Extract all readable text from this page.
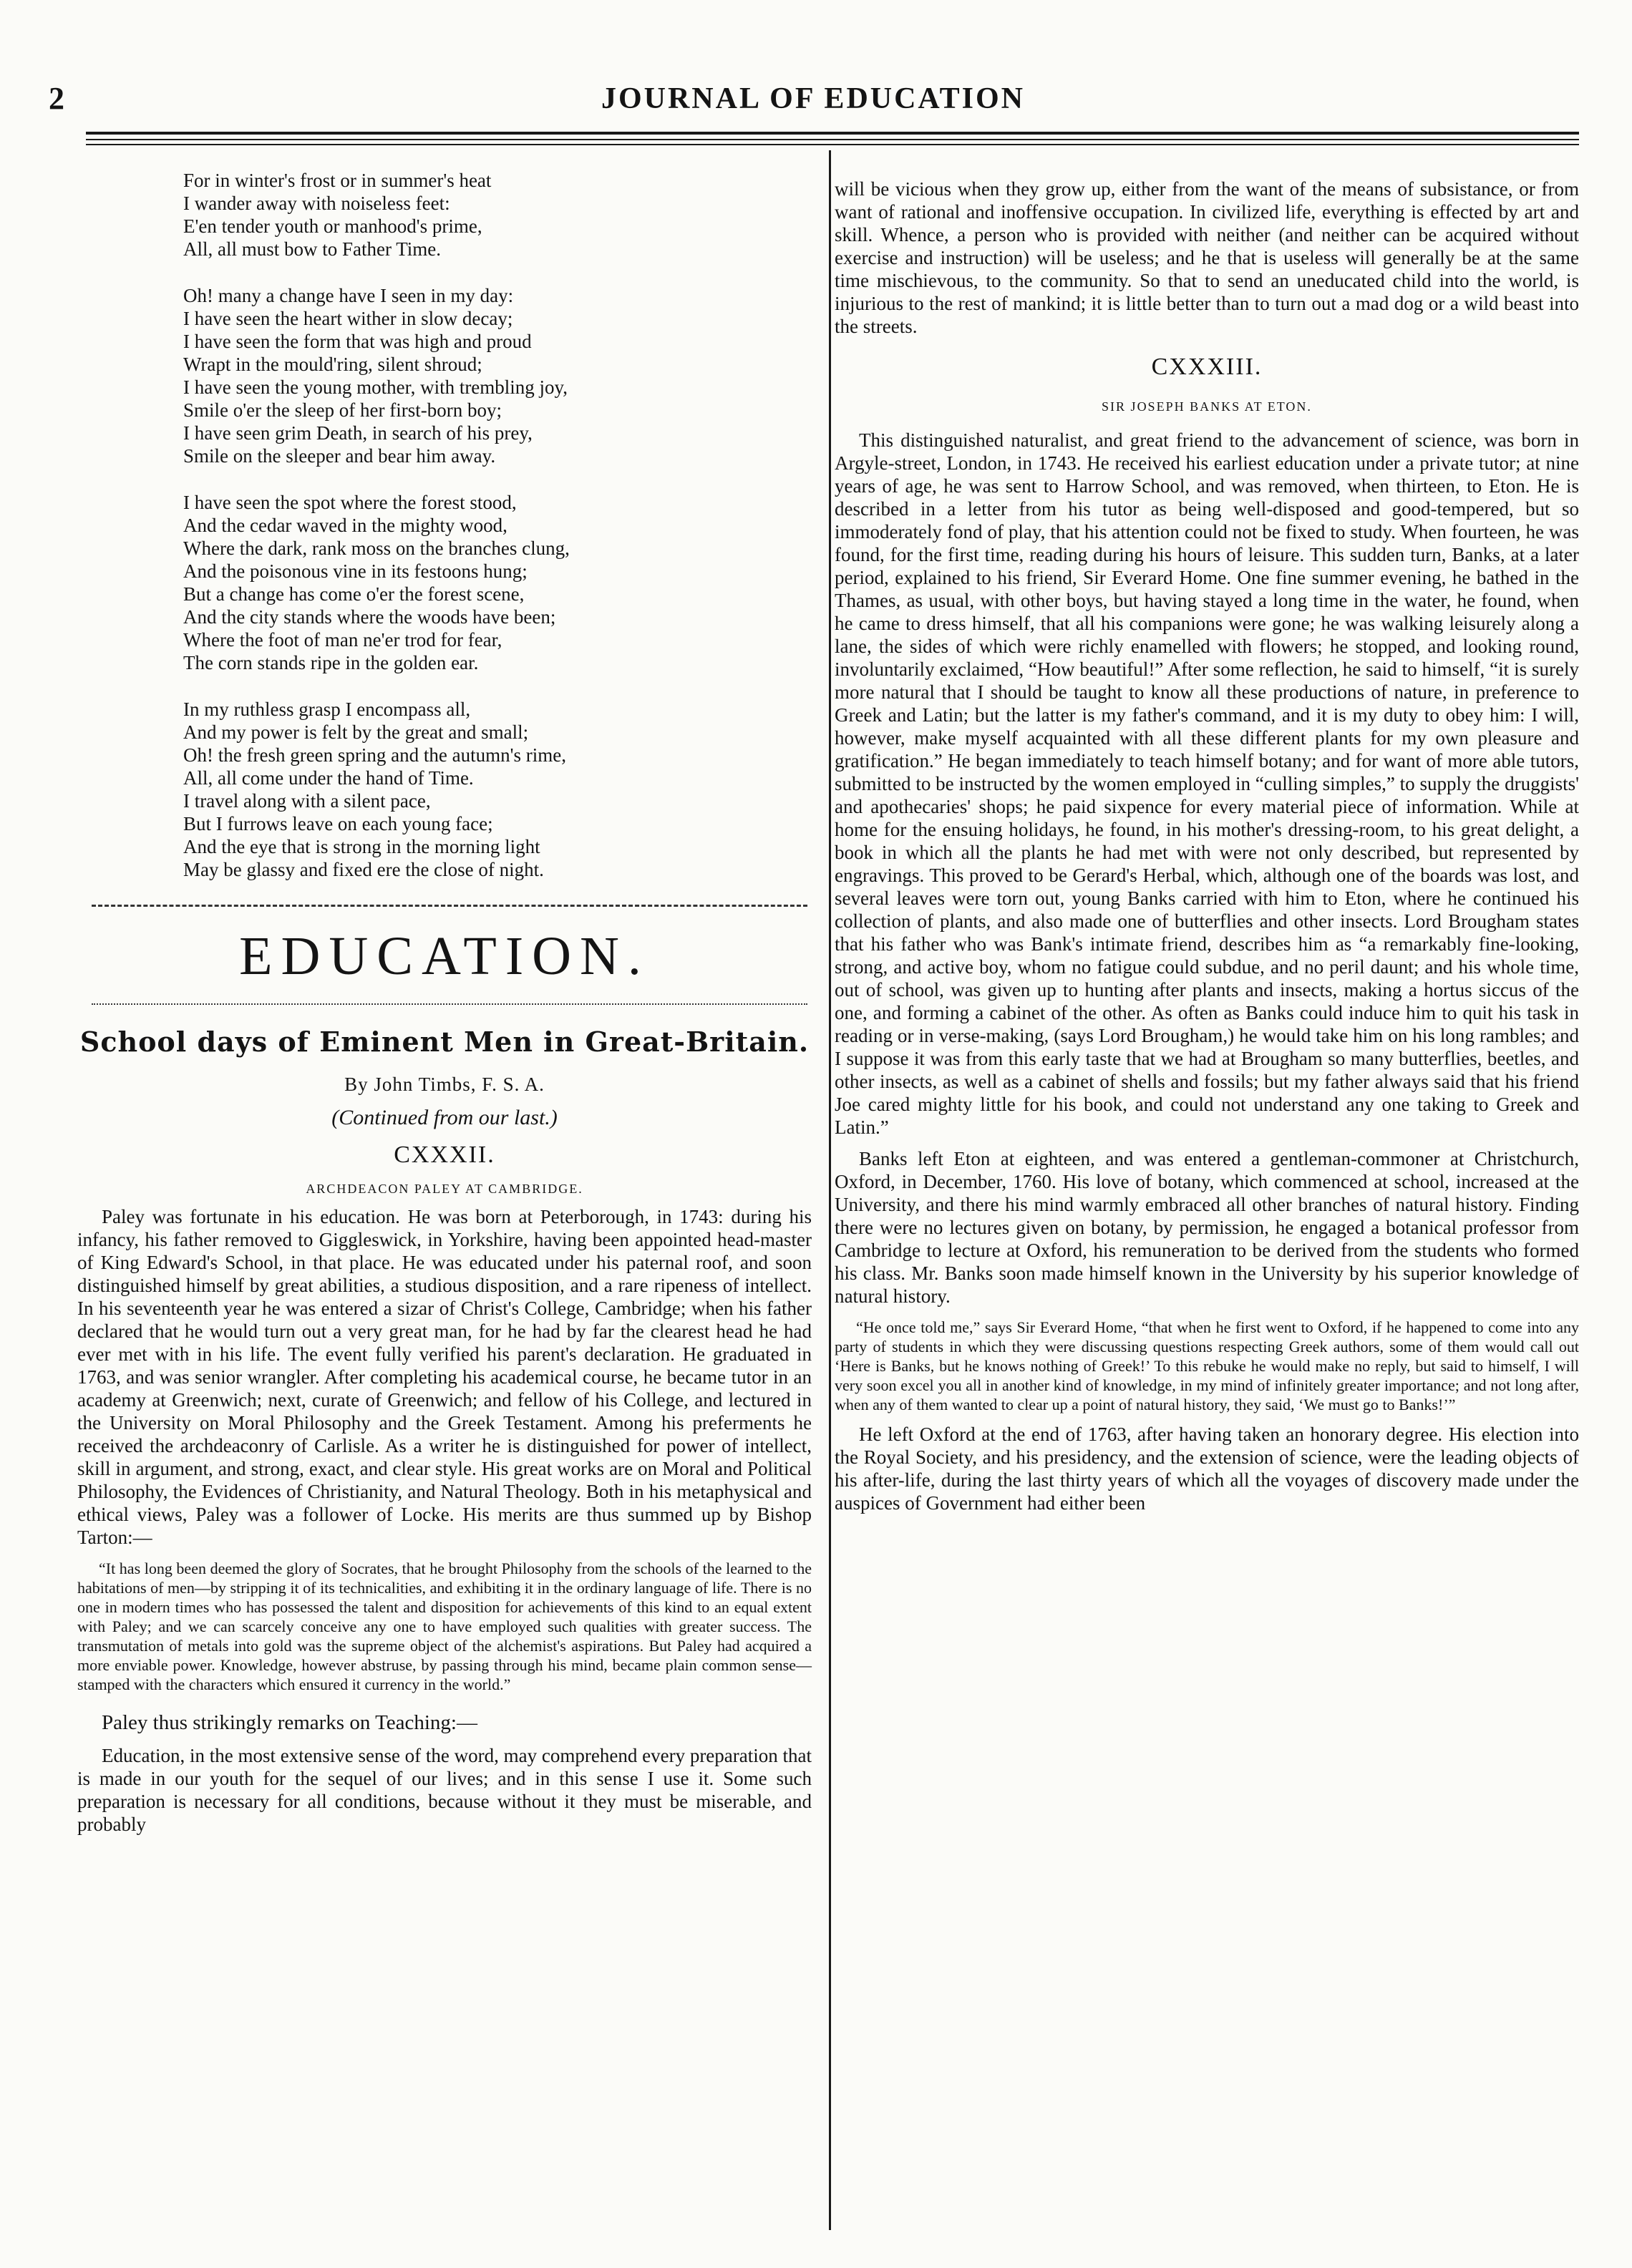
2	JOURNAL OF EDUCATION
For in winter's frost or in summer's heat
I wander away with noiseless feet:
E'en tender youth or manhood's prime,
All, all must bow to Father Time.
Oh! many a change have I seen in my day:
I have seen the heart wither in slow decay;
I have seen the form that was high and proud
Wrapt in the mould'ring, silent shroud;
I have seen the young mother, with trembling joy,
Smile o'er the sleep of her first-born boy;
I have seen grim Death, in search of his prey,
Smile on the sleeper and bear him away.
I have seen the spot where the forest stood,
And the cedar waved in the mighty wood,
Where the dark, rank moss on the branches clung,
And the poisonous vine in its festoons hung;
But a change has come o'er the forest scene,
And the city stands where the woods have been;
Where the foot of man ne'er trod for fear,
The corn stands ripe in the golden ear.
In my ruthless grasp I encompass all,
And my power is felt by the great and small;
Oh! the fresh green spring and the autumn's rime,
All, all come under the hand of Time.
I travel along with a silent pace,
But I furrows leave on each young face;
And the eye that is strong in the morning light
May be glassy and fixed ere the close of night.
EDUCATION.
School days of Eminent Men in Great-Britain.
By John Timbs, F. S. A.
(Continued from our last.)
CXXXII.
ARCHDEACON PALEY AT CAMBRIDGE.

Paley was fortunate in his education. He was born at Peterborough, in 1743: during his infancy, his father removed to Giggleswick, in Yorkshire, having been appointed head-master of King Edward's School, in that place. He was educated under his paternal roof, and soon distinguished himself by great abilities, a studious disposition, and a rare ripeness of intellect. In his seventeenth year he was entered a sizar of Christ's College, Cambridge; when his father declared that he would turn out a very great man, for he had by far the clearest head he had ever met with in his life. The event fully verified his parent's declaration. He graduated in 1763, and was senior wrangler. After completing his academical course, he became tutor in an academy at Greenwich; next, curate of Greenwich; and fellow of his College, and lectured in the University on Moral Philosophy and the Greek Testament. Among his preferments he received the archdeaconry of Carlisle. As a writer he is distinguished for power of intellect, skill in argument, and strong, exact, and clear style. His great works are on Moral and Political Philosophy, the Evidences of Christianity, and Natural Theology. Both in his metaphysical and ethical views, Paley was a follower of Locke. His merits are thus summed up by Bishop Tarton:—

“It has long been deemed the glory of Socrates, that he brought Philosophy from the schools of the learned to the habitations of men—by stripping it of its technicalities, and exhibiting it in the ordinary language of life. There is no one in modern times who has possessed the talent and disposition for achievements of this kind to an equal extent with Paley; and we can scarcely conceive any one to have employed such qualities with greater success. The transmutation of metals into gold was the supreme object of the alchemist's aspirations. But Paley had acquired a more enviable power. Knowledge, however abstruse, by passing through his mind, became plain common sense—stamped with the characters which ensured it currency in the world.”

Paley thus strikingly remarks on Teaching:—

Education, in the most extensive sense of the word, may comprehend every preparation that is made in our youth for the sequel of our lives; and in this sense I use it. Some such preparation is necessary for all conditions, because without it they must be miserable, and probably

will be vicious when they grow up, either from the want of the means of subsistance, or from want of rational and inoffensive occupation. In civilized life, everything is effected by art and skill. Whence, a person who is provided with neither (and neither can be acquired without exercise and instruction) will be useless; and he that is useless will generally be at the same time mischievous, to the community. So that to send an uneducated child into the world, is injurious to the rest of mankind; it is little better than to turn out a mad dog or a wild beast into the streets.

CXXXIII.
SIR JOSEPH BANKS AT ETON.

This distinguished naturalist, and great friend to the advancement of science, was born in Argyle-street, London, in 1743. He received his earliest education under a private tutor; at nine years of age, he was sent to Harrow School, and was removed, when thirteen, to Eton. He is described in a letter from his tutor as being well-disposed and good-tempered, but so immoderately fond of play, that his attention could not be fixed to study. When fourteen, he was found, for the first time, reading during his hours of leisure. This sudden turn, Banks, at a later period, explained to his friend, Sir Everard Home. One fine summer evening, he bathed in the Thames, as usual, with other boys, but having stayed a long time in the water, he found, when he came to dress himself, that all his companions were gone; he was walking leisurely along a lane, the sides of which were richly enamelled with flowers; he stopped, and looking round, involuntarily exclaimed, “How beautiful!” After some reflection, he said to himself, “it is surely more natural that I should be taught to know all these productions of nature, in preference to Greek and Latin; but the latter is my father's command, and it is my duty to obey him: I will, however, make myself acquainted with all these different plants for my own pleasure and gratification.” He began immediately to teach himself botany; and for want of more able tutors, submitted to be instructed by the women employed in “culling simples,” to supply the druggists' and apothecaries' shops; he paid sixpence for every material piece of information. While at home for the ensuing holidays, he found, in his mother's dressing-room, to his great delight, a book in which all the plants he had met with were not only described, but represented by engravings. This proved to be Gerard's Herbal, which, although one of the boards was lost, and several leaves were torn out, young Banks carried with him to Eton, where he continued his collection of plants, and also made one of butterflies and other insects. Lord Brougham states that his father who was Bank's intimate friend, describes him as “a remarkably fine-looking, strong, and active boy, whom no fatigue could subdue, and no peril daunt; and his whole time, out of school, was given up to hunting after plants and insects, making a hortus siccus of the one, and forming a cabinet of the other. As often as Banks could induce him to quit his task in reading or in verse-making, (says Lord Brougham,) he would take him on his long rambles; and I suppose it was from this early taste that we had at Brougham so many butterflies, beetles, and other insects, as well as a cabinet of shells and fossils; but my father always said that his friend Joe cared mighty little for his book, and could not understand any one taking to Greek and Latin.”

Banks left Eton at eighteen, and was entered a gentleman-commoner at Christchurch, Oxford, in December, 1760. His love of botany, which commenced at school, increased at the University, and there his mind warmly embraced all other branches of natural history. Finding there were no lectures given on botany, by permission, he engaged a botanical professor from Cambridge to lecture at Oxford, his remuneration to be derived from the students who formed his class. Mr. Banks soon made himself known in the University by his superior knowledge of natural history.

“He once told me,” says Sir Everard Home, “that when he first went to Oxford, if he happened to come into any party of students in which they were discussing questions respecting Greek authors, some of them would call out ‘Here is Banks, but he knows nothing of Greek!’ To this rebuke he would make no reply, but said to himself, I will very soon excel you all in another kind of knowledge, in my mind of infinitely greater importance; and not long after, when any of them wanted to clear up a point of natural history, they said, ‘We must go to Banks!’”

He left Oxford at the end of 1763, after having taken an honorary degree. His election into the Royal Society, and his presidency, and the extension of science, were the leading objects of his after-life, during the last thirty years of which all the voyages of discovery made under the auspices of Government had either been
